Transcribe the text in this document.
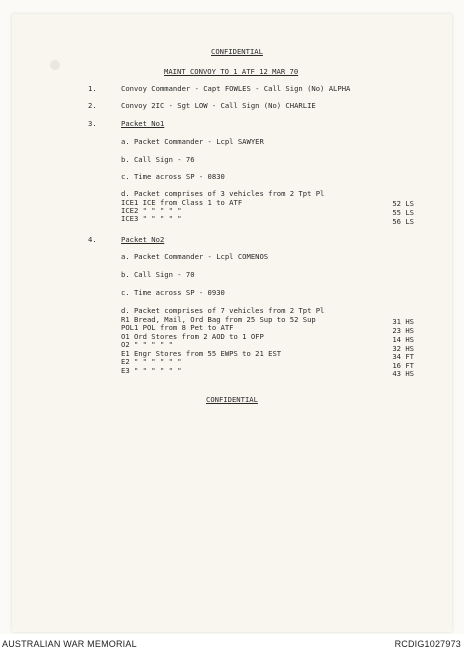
CONFIDENTIAL
MAINT CONVOY TO 1 ATF 12 MAR 70
1.	Convoy Commander - Capt FOWLES - Call Sign (No) ALPHA
2.	Convoy 2IC - Sgt LOW - Call Sign (No) CHARLIE
3.	Packet No1
a. Packet Commander - Lcpl SAWYER
b. Call Sign - 76
c. Time across SP - 0830
d. Packet comprises of 3 vehicles from 2 Tpt Pl
ICE1 ICE from Class 1 to ATF	52 LS
ICE2 " " " " "	55 LS
ICE3 " " " " "	56 LS
4.	Packet No2
a. Packet Commander - Lcpl COMENOS
b. Call Sign - 70
c. Time across SP - 0930
d. Packet comprises of 7 vehicles from 2 Tpt Pl
R1 Bread, Mail, Ord Bag from 25 Sup to 52 Sup	31 HS
POL1 POL from 8 Pet to ATF	23 HS
O1 Ord Stores from 2 AOD to 1 OFP	14 HS
O2 " " " " "	32 HS
E1 Engr Stores from 55 EWPS to 21 EST	34 FT
E2 " " " " " "	16 FT
E3 " " " " " "	43 HS
CONFIDENTIAL
AUSTRALIAN WAR MEMORIAL	RCDIG1027973
